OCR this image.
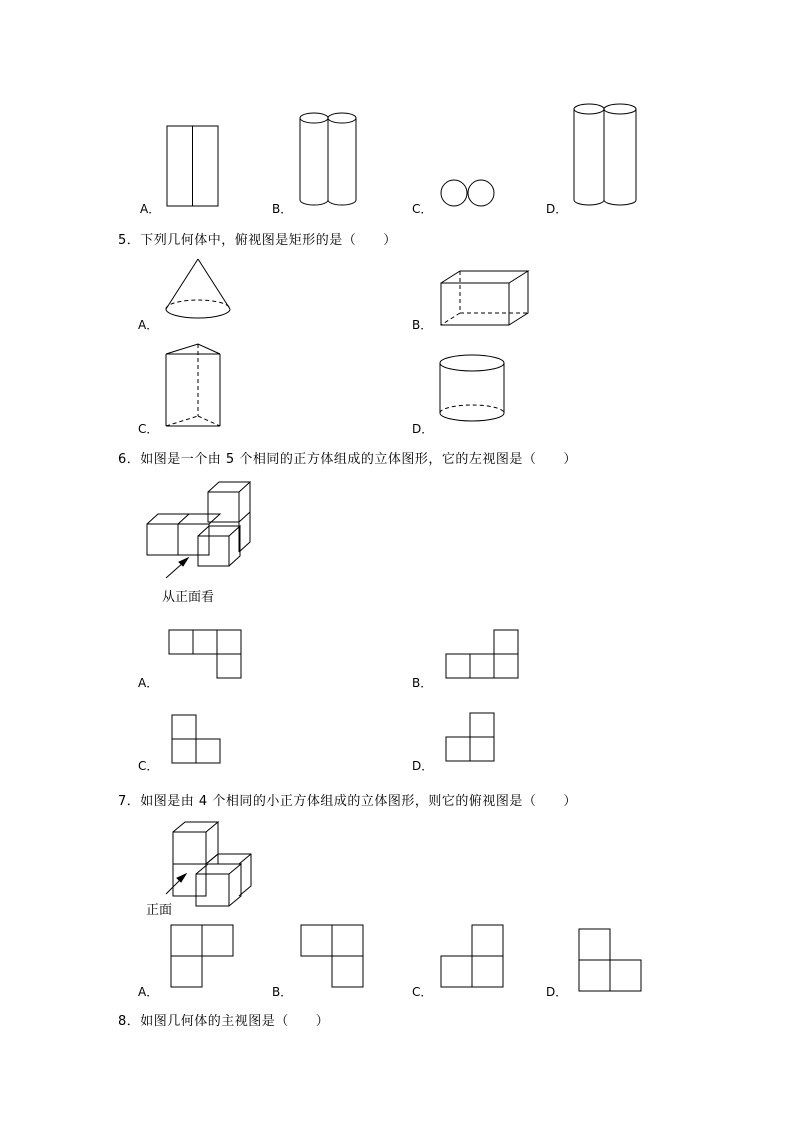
A．	B．	C．	D．
5．下列几何体中，俯视图是矩形的是（　　）
A．	B．
C．	D．
6．如图是一个由 5 个相同的正方体组成的立体图形，它的左视图是（　　）
从正面看
A．	B．
C．	D．
7．如图是由 4 个相同的小正方体组成的立体图形，则它的俯视图是（　　）
正面
A．	B．	C．	D．
8．如图几何体的主视图是（　　）
